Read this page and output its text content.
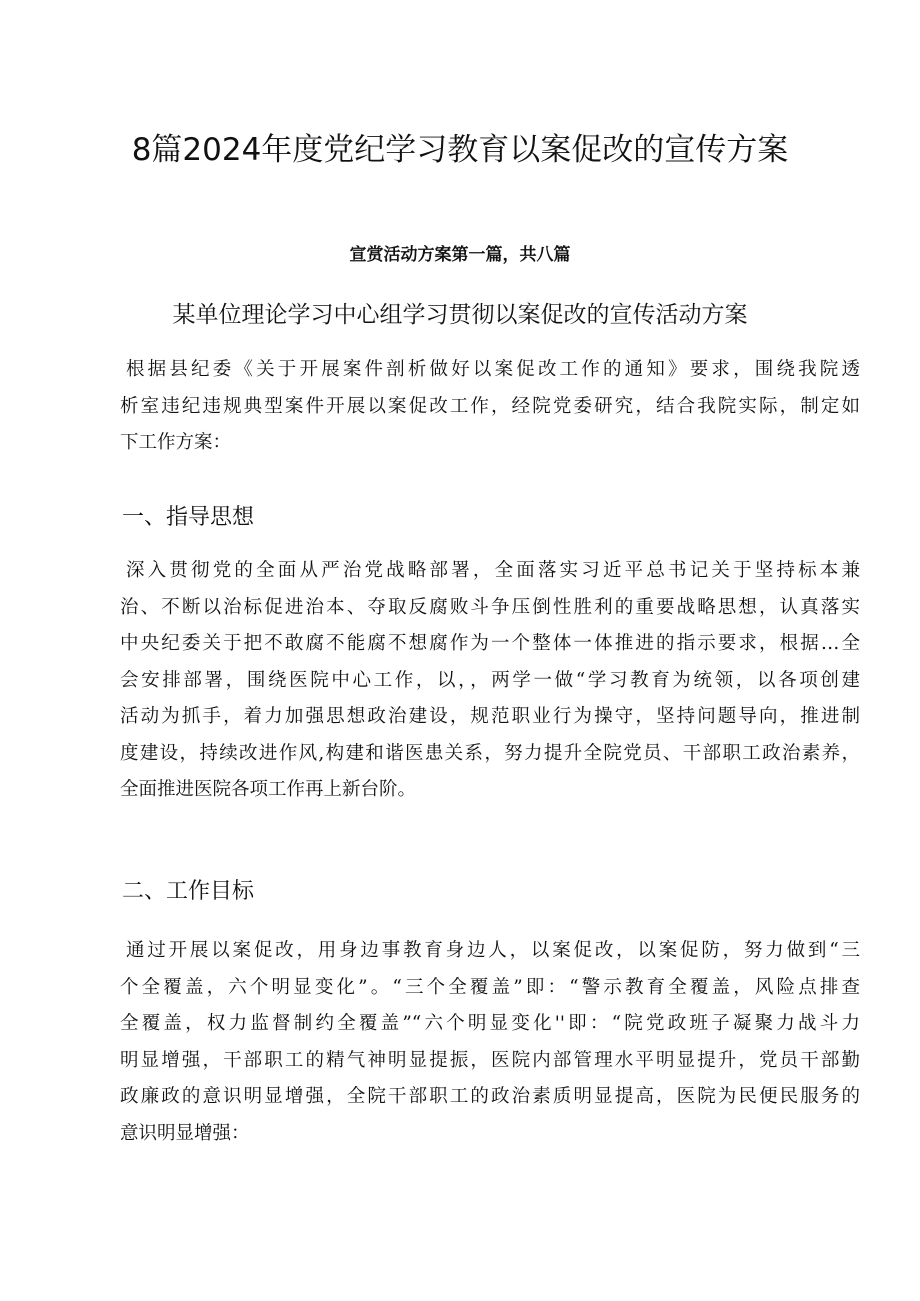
8篇2024年度党纪学习教育以案促改的宣传方案
宣赏活动方案第一篇，共八篇
某单位理论学习中心组学习贯彻以案促改的宣传活动方案

根据县纪委《关于开展案件剖析做好以案促改工作的通知》要求，围绕我院透
析室违纪违规典型案件开展以案促改工作，经院党委研究，结合我院实际，制定如
下工作方案：

一、指导思想

深入贯彻党的全面从严治党战略部署，全面落实习近平总书记关于坚持标本兼
治、不断以治标促进治本、夺取反腐败斗争压倒性胜利的重要战略思想，认真落实
中央纪委关于把不敢腐不能腐不想腐作为一个整体一体推进的指示要求，根据…全
会安排部署，围绕医院中心工作，以，，两学一做“学习教育为统领，以各项创建
活动为抓手，着力加强思想政治建设，规范职业行为操守，坚持问题导向，推进制
度建设，持续改进作风,构建和谐医患关系，努力提升全院党员、干部职工政治素养，
全面推进医院各项工作再上新台阶。

二、工作目标

通过开展以案促改，用身边事教育身边人，以案促改，以案促防，努力做到“三
个全覆盖，六个明显变化”。“三个全覆盖”即：“警示教育全覆盖，风险点排查
全覆盖，权力监督制约全覆盖”“六个明显变化''即：“院党政班子凝聚力战斗力
明显增强，干部职工的精气神明显提振，医院内部管理水平明显提升，党员干部勤
政廉政的意识明显增强，全院干部职工的政治素质明显提高，医院为民便民服务的
意识明显增强：
